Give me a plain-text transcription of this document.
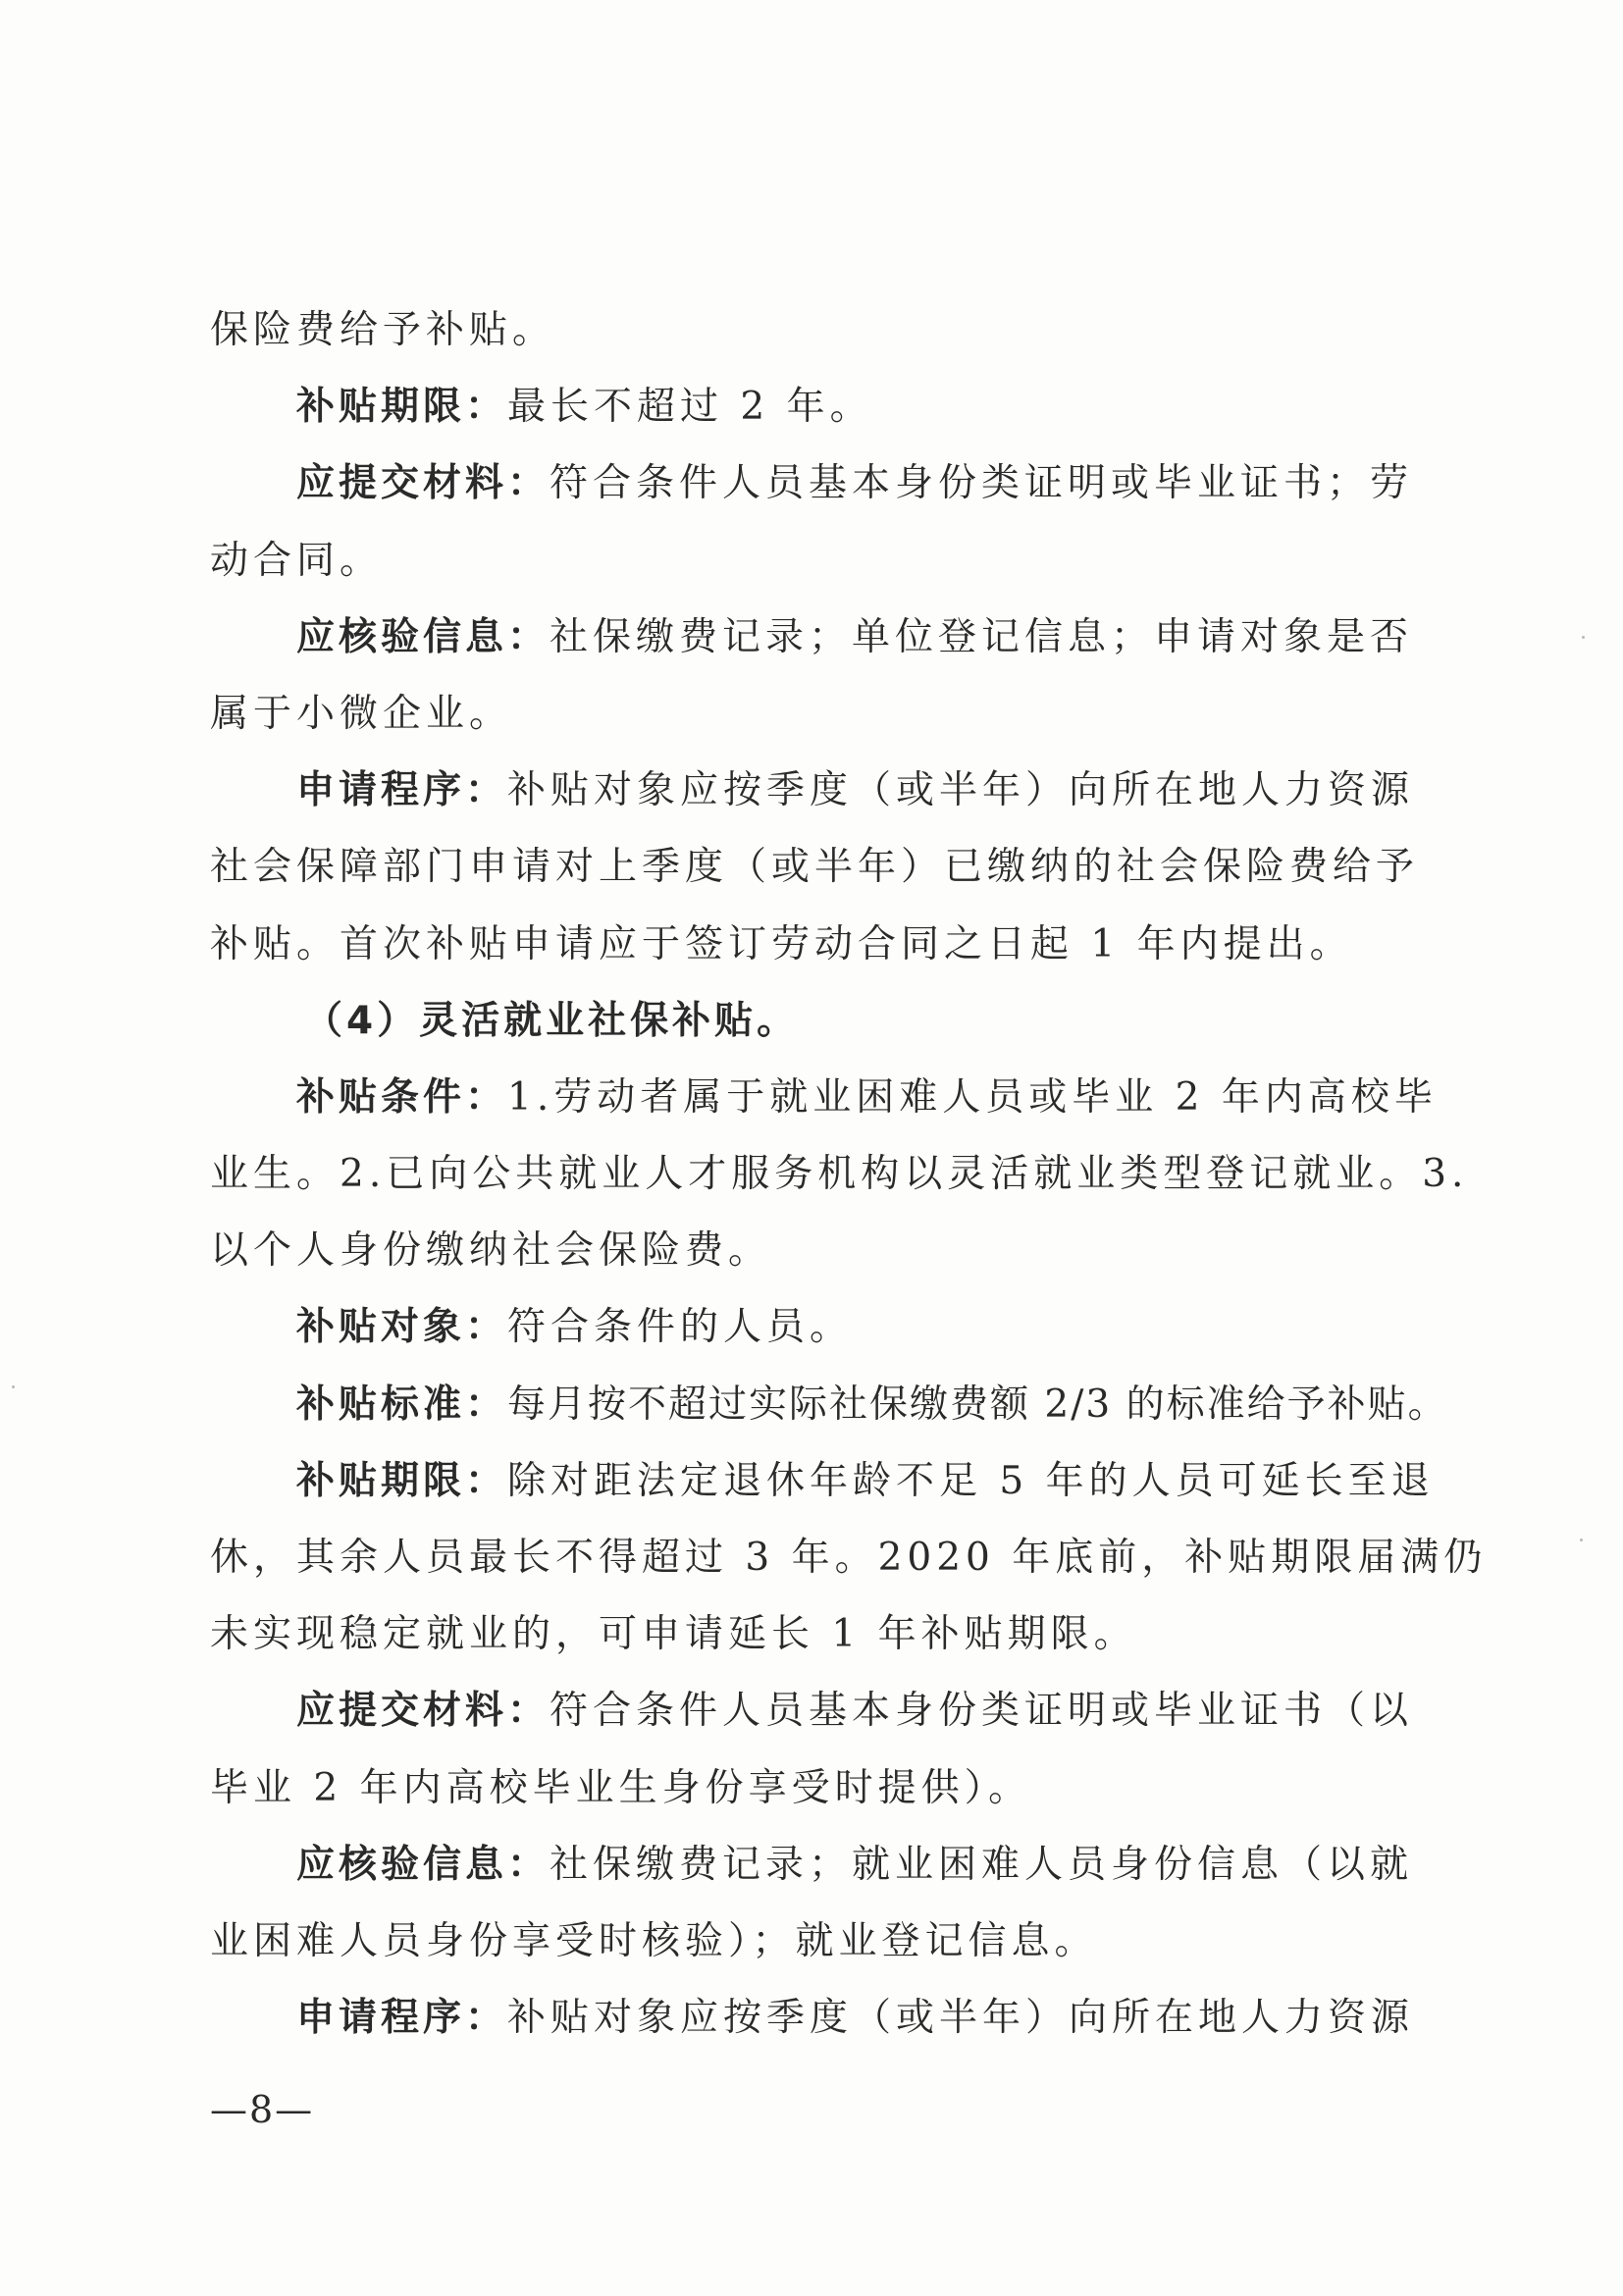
保险费给予补贴。
补贴期限：最长不超过 2 年。
应提交材料：符合条件人员基本身份类证明或毕业证书；劳
动合同。
应核验信息：社保缴费记录；单位登记信息；申请对象是否
属于小微企业。
申请程序：补贴对象应按季度（或半年）向所在地人力资源
社会保障部门申请对上季度（或半年）已缴纳的社会保险费给予
补贴。首次补贴申请应于签订劳动合同之日起 1 年内提出。
（4）灵活就业社保补贴。
补贴条件：1.劳动者属于就业困难人员或毕业 2 年内高校毕
业生。2.已向公共就业人才服务机构以灵活就业类型登记就业。3.
以个人身份缴纳社会保险费。
补贴对象：符合条件的人员。
补贴标准：每月按不超过实际社保缴费额 2/3 的标准给予补贴。
补贴期限：除对距法定退休年龄不足 5 年的人员可延长至退
休，其余人员最长不得超过 3 年。2020 年底前，补贴期限届满仍
未实现稳定就业的，可申请延长 1 年补贴期限。
应提交材料：符合条件人员基本身份类证明或毕业证书（以
毕业 2 年内高校毕业生身份享受时提供）。
应核验信息：社保缴费记录；就业困难人员身份信息（以就
业困难人员身份享受时核验）；就业登记信息。
申请程序：补贴对象应按季度（或半年）向所在地人力资源
—8—
